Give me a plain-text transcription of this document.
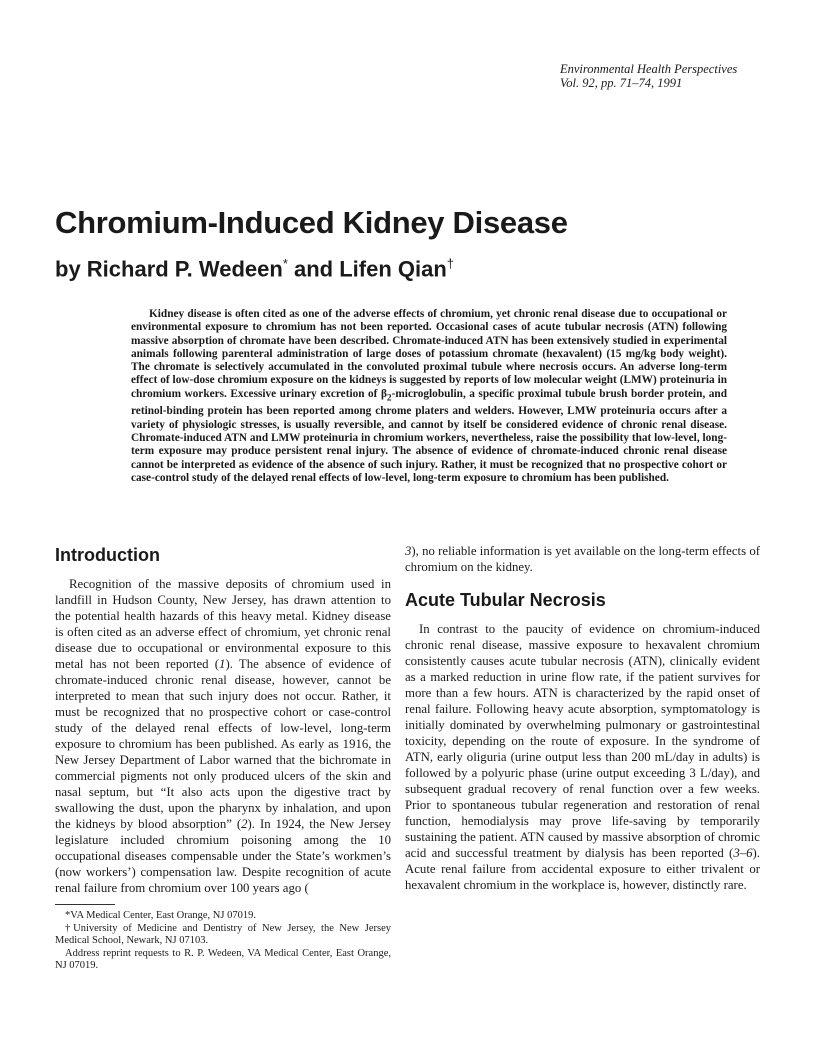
Environmental Health Perspectives
Vol. 92, pp. 71–74, 1991
Chromium-Induced Kidney Disease
by Richard P. Wedeen* and Lifen Qian†

Kidney disease is often cited as one of the adverse effects of chromium, yet chronic renal disease due to occupational or environmental exposure to chromium has not been reported. Occasional cases of acute tubular necrosis (ATN) following massive absorption of chromate have been described. Chromate-induced ATN has been extensively studied in experimental animals following parenteral administration of large doses of potassium chromate (hexavalent) (15 mg/kg body weight). The chromate is selectively accumulated in the convoluted proximal tubule where necrosis occurs. An adverse long-term effect of low-dose chromium exposure on the kidneys is suggested by reports of low molecular weight (LMW) proteinuria in chromium workers. Excessive urinary excretion of $\beta_2$-microglobulin, a specific proximal tubule brush border protein, and retinol-binding protein has been reported among chrome platers and welders. However, LMW proteinuria occurs after a variety of physiologic stresses, is usually reversible, and cannot by itself be considered evidence of chronic renal disease. Chromate-induced ATN and LMW proteinuria in chromium workers, nevertheless, raise the possibility that low-level, long-term exposure may produce persistent renal injury. The absence of evidence of chromate-induced chronic renal disease cannot be interpreted as evidence of the absence of such injury. Rather, it must be recognized that no prospective cohort or case-control study of the delayed renal effects of low-level, long-term exposure to chromium has been published.

Introduction

Recognition of the massive deposits of chromium used in landfill in Hudson County, New Jersey, has drawn attention to the potential health hazards of this heavy metal. Kidney disease is often cited as an adverse effect of chromium, yet chronic renal disease due to occupational or environmental exposure to this metal has not been reported (1). The absence of evidence of chromate-induced chronic renal disease, however, cannot be interpreted to mean that such injury does not occur. Rather, it must be recognized that no prospective cohort or case-control study of the delayed renal effects of low-level, long-term exposure to chromium has been published. As early as 1916, the New Jersey Department of Labor warned that the bichromate in commercial pigments not only produced ulcers of the skin and nasal septum, but “It also acts upon the digestive tract by swallowing the dust, upon the pharynx by inhalation, and upon the kidneys by blood absorption” (2). In 1924, the New Jersey legislature included chromium poisoning among the 10 occupational diseases compensable under the State’s workmen’s (now workers’) compensation law. Despite recognition of acute renal failure from chromium over 100 years ago (

*VA Medical Center, East Orange, NJ 07019.

†University of Medicine and Dentistry of New Jersey, the New Jersey Medical School, Newark, NJ 07103.

Address reprint requests to R. P. Wedeen, VA Medical Center, East Orange, NJ 07019.

3), no reliable information is yet available on the long-term effects of chromium on the kidney.

Acute Tubular Necrosis

In contrast to the paucity of evidence on chromium-induced chronic renal disease, massive exposure to hexavalent chromium consistently causes acute tubular necrosis (ATN), clinically evident as a marked reduction in urine flow rate, if the patient survives for more than a few hours. ATN is characterized by the rapid onset of renal failure. Following heavy acute absorption, symptomatology is initially dominated by overwhelming pulmonary or gastrointestinal toxicity, depending on the route of exposure. In the syndrome of ATN, early oliguria (urine output less than 200 mL/day in adults) is followed by a polyuric phase (urine output exceeding 3 L/day), and subsequent gradual recovery of renal function over a few weeks. Prior to spontaneous tubular regeneration and restoration of renal function, hemodialysis may prove life-saving by temporarily sustaining the patient. ATN caused by massive absorption of chromic acid and successful treatment by dialysis has been reported (3–6). Acute renal failure from accidental exposure to either trivalent or hexavalent chromium in the workplace is, however, distinctly rare.
